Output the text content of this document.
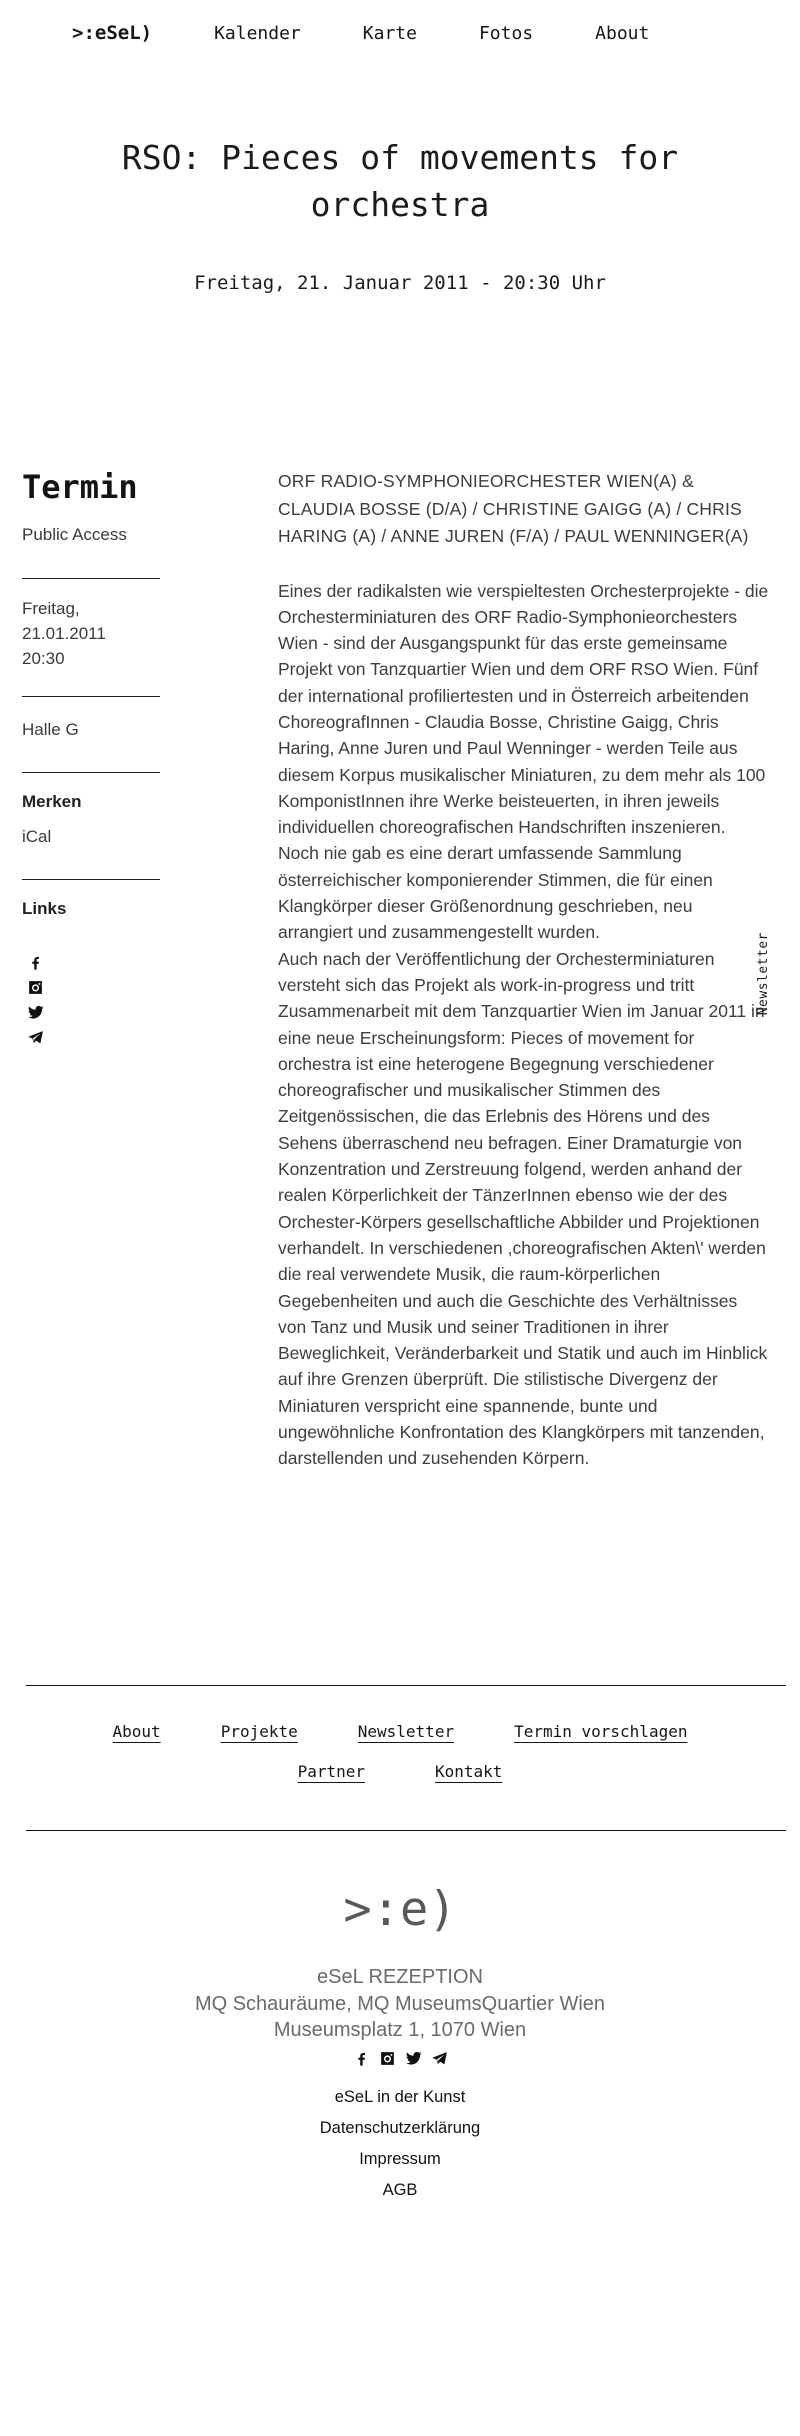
>:eSeL)	Kalender	Karte	Fotos	About
RSO: Pieces of movements for orchestra
Freitag, 21. Januar 2011 - 20:30 Uhr
Termin
Public Access
Freitag, 21.01.2011
20:30
Halle G
Merken
iCal
Links

ORF RADIO-SYMPHONIEORCHESTER WIEN(A) & CLAUDIA BOSSE (D/A) / CHRISTINE GAIGG (A) / CHRIS HARING (A) / ANNE JUREN (F/A) / PAUL WENNINGER(A)

Eines der radikalsten wie verspieltesten Orchesterprojekte - die Orchesterminiaturen des ORF Radio-Symphonieorchesters Wien - sind der Ausgangspunkt für das erste gemeinsame Projekt von Tanzquartier Wien und dem ORF RSO Wien. Fünf der international profiliertesten und in Österreich arbeitenden ChoreografInnen - Claudia Bosse, Christine Gaigg, Chris Haring, Anne Juren und Paul Wenninger - werden Teile aus diesem Korpus musikalischer Miniaturen, zu dem mehr als 100 KomponistInnen ihre Werke beisteuerten, in ihren jeweils individuellen choreografischen Handschriften inszenieren. Noch nie gab es eine derart umfassende Sammlung österreichischer komponierender Stimmen, die für einen Klangkörper dieser Größenordnung geschrieben, neu arrangiert und zusammengestellt wurden.

Auch nach der Veröffentlichung der Orchesterminiaturen versteht sich das Projekt als work-in-progress und tritt Zusammenarbeit mit dem Tanzquartier Wien im Januar 2011 in eine neue Erscheinungsform: Pieces of movement for orchestra ist eine heterogene Begegnung verschiedener choreografischer und musikalischer Stimmen des Zeitgenössischen, die das Erlebnis des Hörens und des Sehens überraschend neu befragen. Einer Dramaturgie von Konzentration und Zerstreuung folgend, werden anhand der realen Körperlichkeit der TänzerInnen ebenso wie der des Orchester-Körpers gesellschaftliche Abbilder und Projektionen verhandelt. In verschiedenen ,choreografischen Akten\' werden die real verwendete Musik, die raum-körperlichen Gegebenheiten und auch die Geschichte des Verhältnisses von Tanz und Musik und seiner Traditionen in ihrer Beweglichkeit, Veränderbarkeit und Statik und auch im Hinblick auf ihre Grenzen überprüft. Die stilistische Divergenz der Miniaturen verspricht eine spannende, bunte und ungewöhnliche Konfrontation des Klangkörpers mit tanzenden, darstellenden und zusehenden Körpern.

Newsletter
About	Projekte	Newsletter	Termin vorschlagen
Partner	Kontakt
>:e)
eSeL REZEPTION
MQ Schauräume, MQ MuseumsQuartier Wien
Museumsplatz 1, 1070 Wien
eSeL in der Kunst
Datenschutzerklärung
Impressum
AGB
